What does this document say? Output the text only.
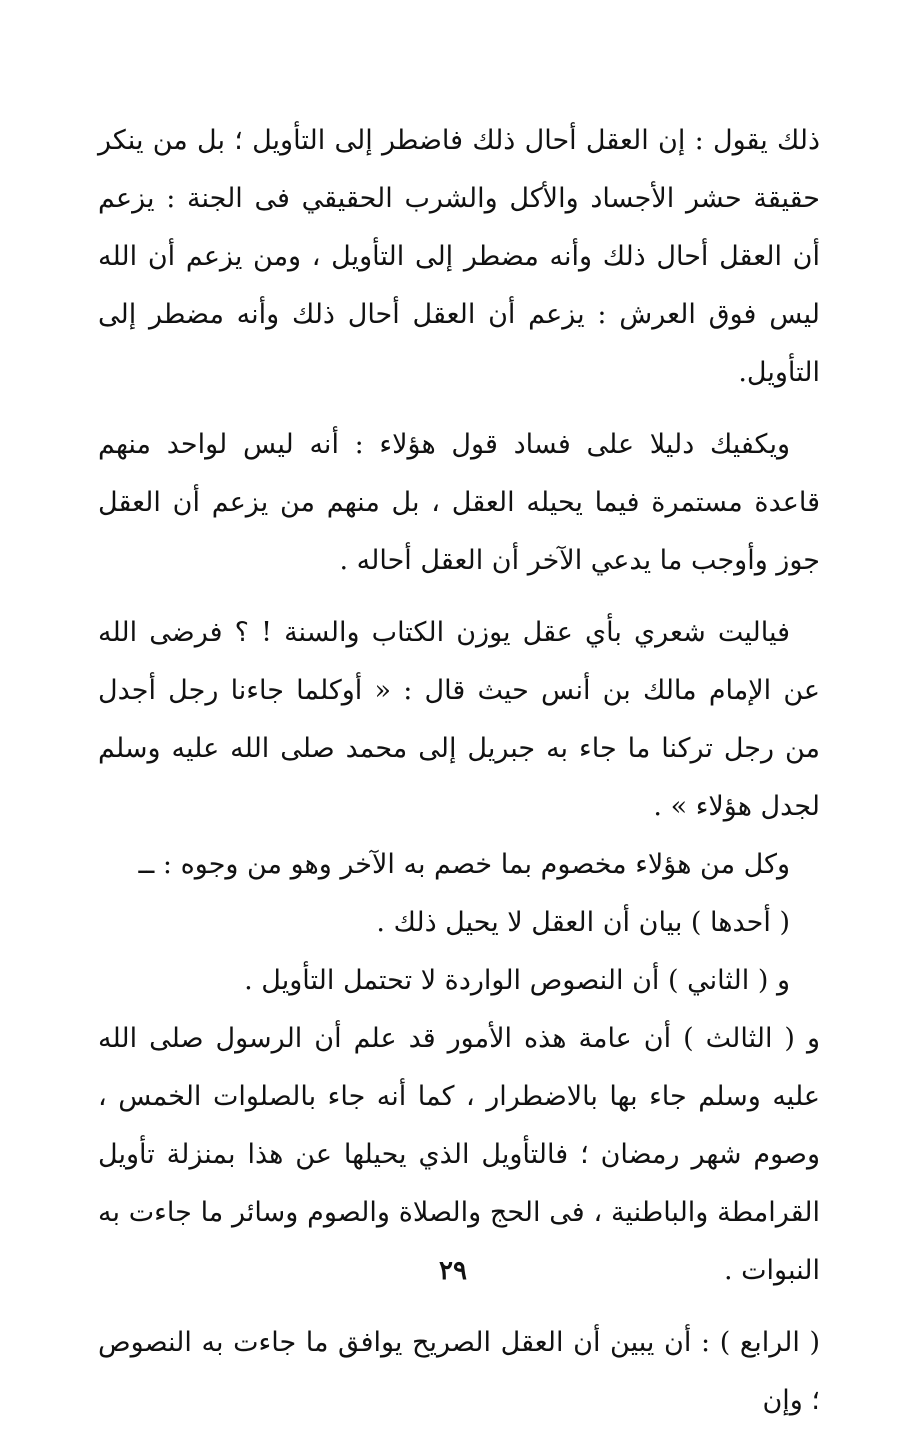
ذلك يقول : إن العقل أحال ذلك فاضطر إلى التأويل ؛ بل من ينكر حقيقة حشر الأجساد والأكل والشرب الحقيقي فى الجنة : يزعم أن العقل أحال ذلك وأنه مضطر إلى التأويل ، ومن يزعم أن الله ليس فوق العرش : يزعم أن العقل أحال ذلك وأنه مضطر إلى التأويل.

ويكفيك دليلا على فساد قول هؤلاء : أنه ليس لواحد منهم قاعدة مستمرة فيما يحيله العقل ، بل منهم من يزعم أن العقل جوز وأوجب ما يدعي الآخر أن العقل أحاله .

فياليت شعري بأي عقل يوزن الكتاب والسنة ! ؟ فرضى الله عن الإمام مالك بن أنس حيث قال : « أوكلما جاءنا رجل أجدل من رجل تركنا ما جاء به جبريل إلى محمد صلى الله عليه وسلم لجدل هؤلاء » .

وكل من هؤلاء مخصوم بما خصم به الآخر وهو من وجوه : ــ

( أحدها ) بيان أن العقل لا يحيل ذلك .

و ( الثاني ) أن النصوص الواردة لا تحتمل التأويل .

و ( الثالث ) أن عامة هذه الأمور قد علم أن الرسول صلى الله عليه وسلم جاء بها بالاضطرار ، كما أنه جاء بالصلوات الخمس ، وصوم شهر رمضان ؛ فالتأويل الذي يحيلها عن هذا بمنزلة تأويل القرامطة والباطنية ، فى الحج والصلاة والصوم وسائر ما جاءت به النبوات .

( الرابع ) : أن يبين أن العقل الصريح يوافق ما جاءت به النصوص ؛ وإن

٢٩
